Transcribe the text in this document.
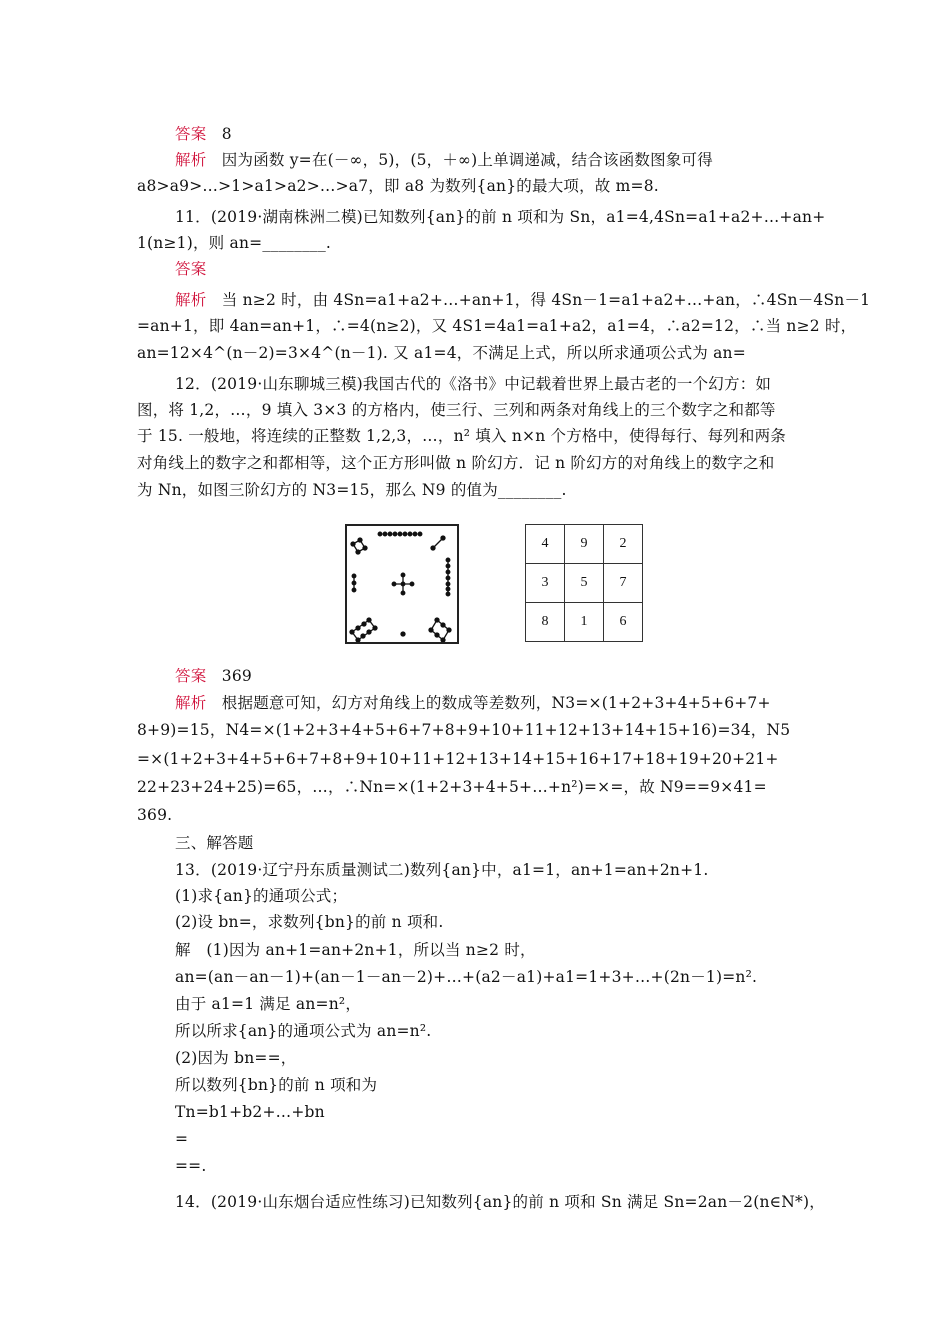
答案 8
解析 因为函数 y=在(－∞，5)，(5，＋∞)上单调递减，结合该函数图象可得
a8>a9>…>1>a1>a2>…>a7，即 a8 为数列{an}的最大项，故 m=8.
11．(2019·湖南株洲二模)已知数列{an}的前 n 项和为 Sn，a1=4,4Sn=a1+a2+…+an+
1(n≥1)，则 an=________.
答案
解析 当 n≥2 时，由 4Sn=a1+a2+…+an+1，得 4Sn－1=a1+a2+…+an，∴4Sn－4Sn－1
=an+1，即 4an=an+1，∴=4(n≥2)，又 4S1=4a1=a1+a2，a1=4，∴a2=12，∴当 n≥2 时，
an=12×4^(n－2)=3×4^(n－1). 又 a1=4，不满足上式，所以所求通项公式为 an=
12．(2019·山东聊城三模)我国古代的《洛书》中记载着世界上最古老的一个幻方：如
图，将 1,2，…，9 填入 3×3 的方格内，使三行、三列和两条对角线上的三个数字之和都等
于 15. 一般地，将连续的正整数 1,2,3，…，n² 填入 n×n 个方格中，使得每行、每列和两条
对角线上的数字之和都相等，这个正方形叫做 n 阶幻方．记 n 阶幻方的对角线上的数字之和
为 Nn，如图三阶幻方的 N3=15，那么 N9 的值为________.
4	9	2
3	5	7
8	1	6
答案 369
解析 根据题意可知，幻方对角线上的数成等差数列，N3=×(1+2+3+4+5+6+7+
8+9)=15，N4=×(1+2+3+4+5+6+7+8+9+10+11+12+13+14+15+16)=34，N5
=×(1+2+3+4+5+6+7+8+9+10+11+12+13+14+15+16+17+18+19+20+21+
22+23+24+25)=65，…，∴Nn=×(1+2+3+4+5+…+n²)=×=，故 N9==9×41=
369.
三、解答题
13．(2019·辽宁丹东质量测试二)数列{an}中，a1=1，an+1=an+2n+1.
(1)求{an}的通项公式；
(2)设 bn=，求数列{bn}的前 n 项和.
解　(1)因为 an+1=an+2n+1，所以当 n≥2 时，
an=(an－an－1)+(an－1－an－2)+…+(a2－a1)+a1=1+3+…+(2n－1)=n².
由于 a1=1 满足 an=n²，
所以所求{an}的通项公式为 an=n².
(2)因为 bn==，
所以数列{bn}的前 n 项和为
Tn=b1+b2+…+bn
=
==.
14．(2019·山东烟台适应性练习)已知数列{an}的前 n 项和 Sn 满足 Sn=2an－2(n∈N*)，
